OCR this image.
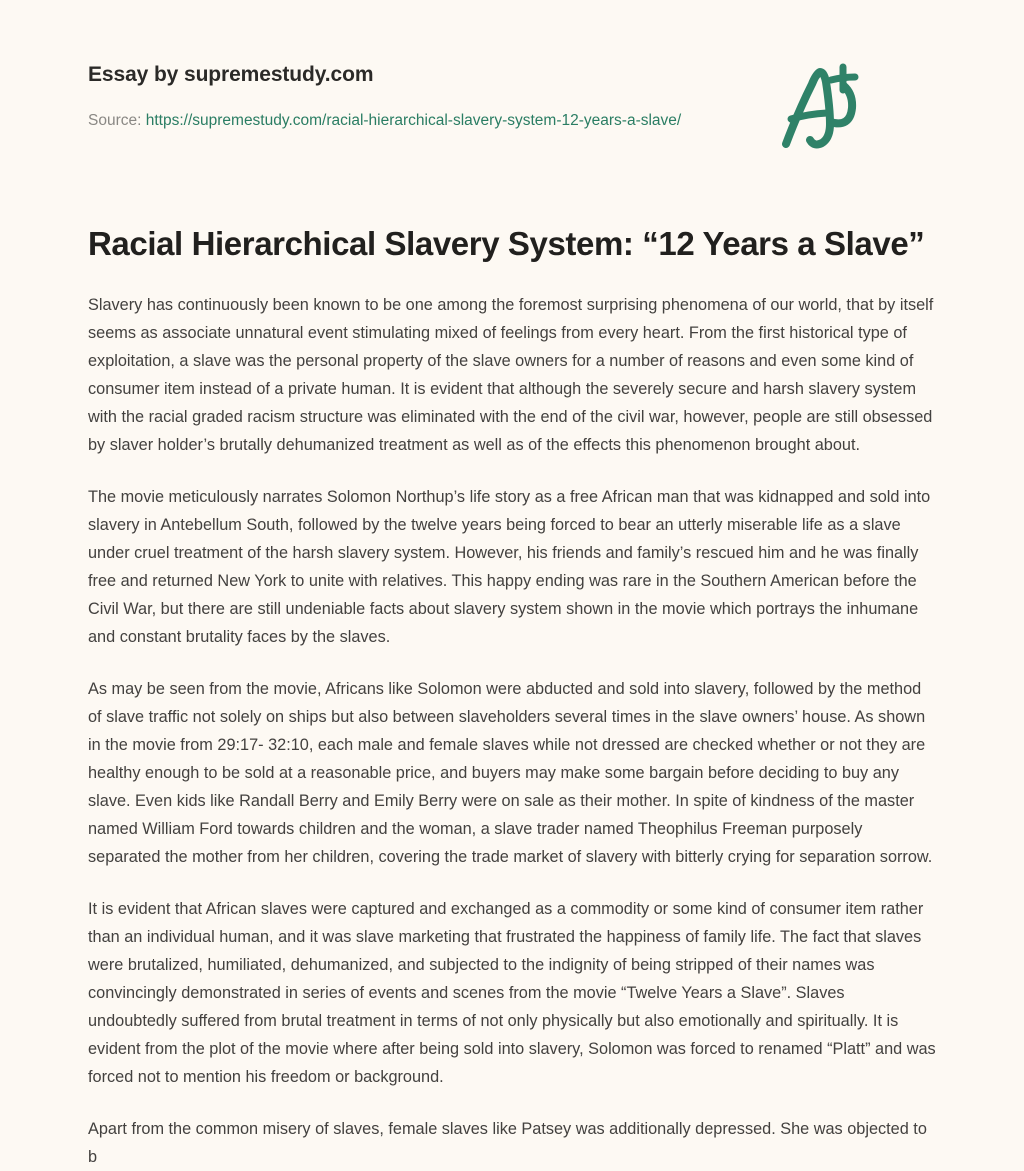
Essay by supremestudy.com
Source: https://supremestudy.com/racial-hierarchical-slavery-system-12-years-a-slave/
Racial Hierarchical Slavery System: “12 Years a Slave”

Slavery has continuously been known to be one among the foremost surprising phenomena of our world, that by itself seems as associate unnatural event stimulating mixed of feelings from every heart. From the first historical type of exploitation, a slave was the personal property of the slave owners for a number of reasons and even some kind of consumer item instead of a private human. It is evident that although the severely secure and harsh slavery system with the racial graded racism structure was eliminated with the end of the civil war, however, people are still obsessed by slaver holder’s brutally dehumanized treatment as well as of the effects this phenomenon brought about.

The movie meticulously narrates Solomon Northup’s life story as a free African man that was kidnapped and sold into slavery in Antebellum South, followed by the twelve years being forced to bear an utterly miserable life as a slave under cruel treatment of the harsh slavery system. However, his friends and family’s rescued him and he was finally free and returned New York to unite with relatives. This happy ending was rare in the Southern American before the Civil War, but there are still undeniable facts about slavery system shown in the movie which portrays the inhumane and constant brutality faces by the slaves.

As may be seen from the movie, Africans like Solomon were abducted and sold into slavery, followed by the method of slave traffic not solely on ships but also between slaveholders several times in the slave owners’ house. As shown in the movie from 29:17- 32:10, each male and female slaves while not dressed are checked whether or not they are healthy enough to be sold at a reasonable price, and buyers may make some bargain before deciding to buy any slave. Even kids like Randall Berry and Emily Berry were on sale as their mother. In spite of kindness of the master named William Ford towards children and the woman, a slave trader named Theophilus Freeman purposely separated the mother from her children, covering the trade market of slavery with bitterly crying for separation sorrow.

It is evident that African slaves were captured and exchanged as a commodity or some kind of consumer item rather than an individual human, and it was slave marketing that frustrated the happiness of family life. The fact that slaves were brutalized, humiliated, dehumanized, and subjected to the indignity of being stripped of their names was convincingly demonstrated in series of events and scenes from the movie “Twelve Years a Slave”. Slaves undoubtedly suffered from brutal treatment in terms of not only physically but also emotionally and spiritually. It is evident from the plot of the movie where after being sold into slavery, Solomon was forced to renamed “Platt” and was forced not to mention his freedom or background.

Apart from the common misery of slaves, female slaves like Patsey was additionally depressed. She was objected to b
